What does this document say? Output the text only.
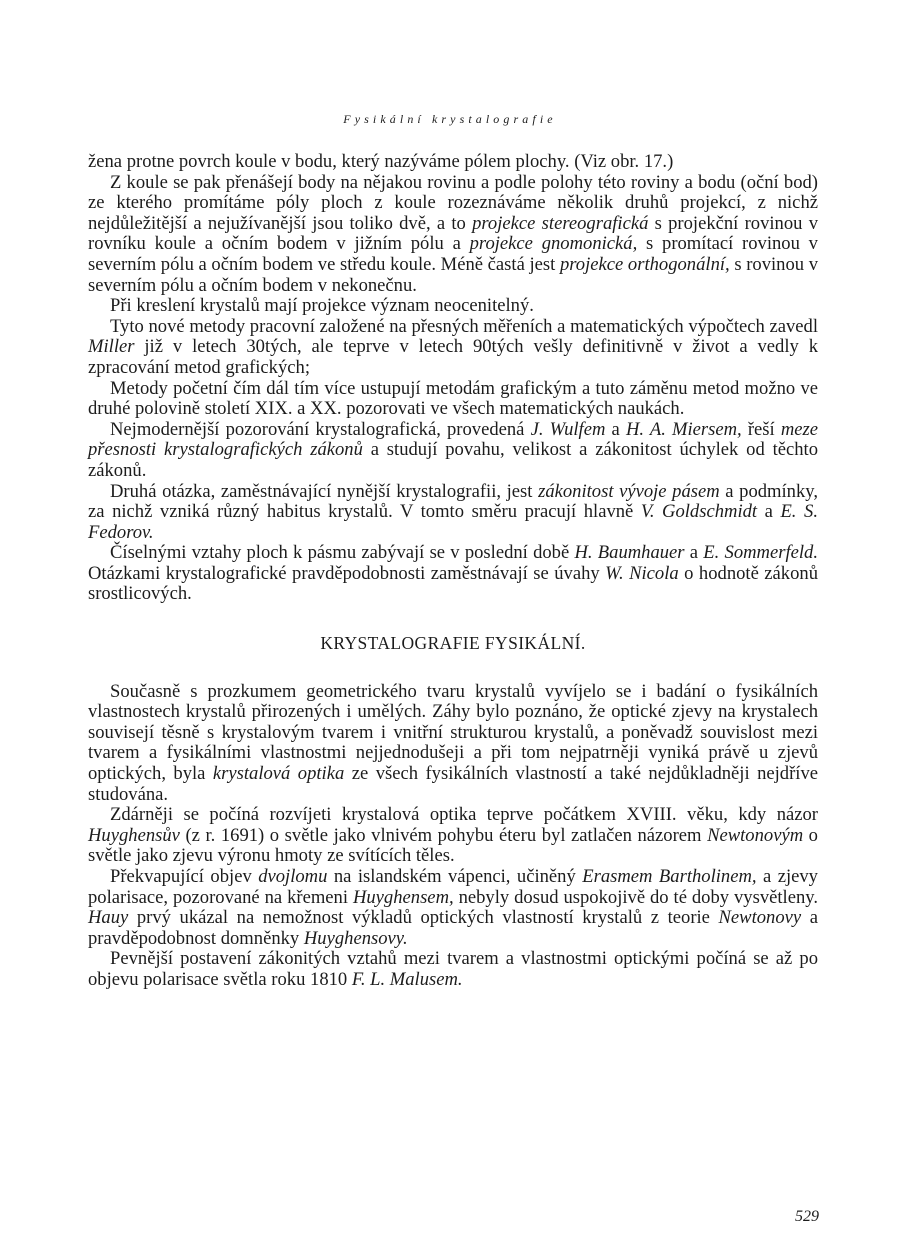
Fysikální krystalografie

žena protne povrch koule v bodu, který nazýváme pólem plochy. (Viz obr. 17.)

Z koule se pak přenášejí body na nějakou rovinu a podle polohy této roviny a bodu (oční bod) ze kterého promítáme póly ploch z koule rozeznáváme několik druhů projekcí, z nichž nejdůležitější a nejužívanější jsou toliko dvě, a to projekce stereografická s projekční rovinou v rovníku koule a očním bodem v jižním pólu a projekce gnomonická, s promítací rovinou v severním pólu a očním bodem ve středu koule. Méně častá jest projekce orthogonální, s rovinou v severním pólu a očním bodem v nekonečnu.

Při kreslení krystalů mají projekce význam neocenitelný.

Tyto nové metody pracovní založené na přesných měřeních a matematických výpočtech zavedl Miller již v letech 30tých, ale teprve v letech 90tých vešly definitivně v život a vedly k zpracování metod grafických;

Metody početní čím dál tím více ustupují metodám grafickým a tuto záměnu metod možno ve druhé polovině století XIX. a XX. pozorovati ve všech matematických naukách.

Nejmodernější pozorování krystalografická, provedená J. Wulfem a H. A. Miersem, řeší meze přesnosti krystalografických zákonů a studují povahu, velikost a zákonitost úchylek od těchto zákonů.

Druhá otázka, zaměstnávající nynější krystalografii, jest zákonitost vývoje pásem a podmínky, za nichž vzniká různý habitus krystalů. V tomto směru pracují hlavně V. Goldschmidt a E. S. Fedorov.

Číselnými vztahy ploch k pásmu zabývají se v poslední době H. Baumhauer a E. Sommerfeld. Otázkami krystalografické pravděpodobnosti zaměstnávají se úvahy W. Nicola o hodnotě zákonů srostlicových.

KRYSTALOGRAFIE FYSIKÁLNÍ.

Současně s prozkumem geometrického tvaru krystalů vyvíjelo se i badání o fysikálních vlastnostech krystalů přirozených i umělých. Záhy bylo poznáno, že optické zjevy na krystalech souvisejí těsně s krystalovým tvarem i vnitřní strukturou krystalů, a poněvadž souvislost mezi tvarem a fysikálními vlastnostmi nejjednodušeji a při tom nejpatrněji vyniká právě u zjevů optických, byla krystalová optika ze všech fysikálních vlastností a také nejdůkladněji nejdříve studována.

Zdárněji se počíná rozvíjeti krystalová optika teprve počátkem XVIII. věku, kdy názor Huyghensův (z r. 1691) o světle jako vlnivém pohybu éteru byl zatlačen názorem Newtonovým o světle jako zjevu výronu hmoty ze svítících těles.

Překvapující objev dvojlomu na islandském vápenci, učiněný Erasmem Bartholinem, a zjevy polarisace, pozorované na křemeni Huyghensem, nebyly dosud uspokojivě do té doby vysvětleny. Hauy prvý ukázal na nemožnost výkladů optických vlastností krystalů z teorie Newtonovy a pravděpodobnost domněnky Huyghensovy.

Pevnější postavení zákonitých vztahů mezi tvarem a vlastnostmi optickými počíná se až po objevu polarisace světla roku 1810 F. L. Malusem.

529
